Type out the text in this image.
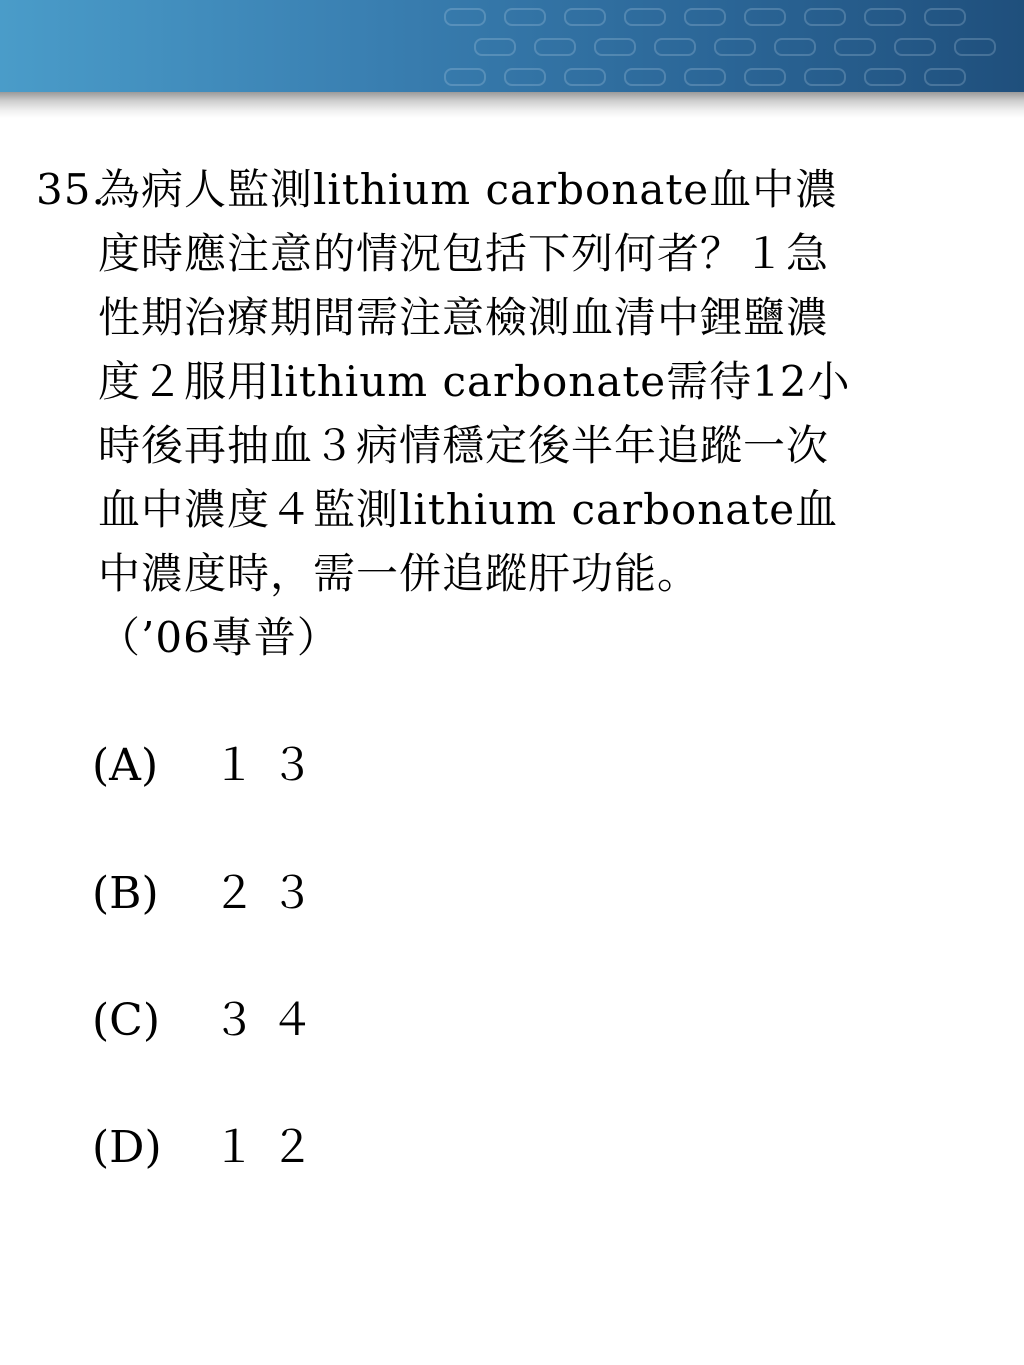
35.
為病人監測lithium carbonate血中濃
度時應注意的情況包括下列何者？１急
性期治療期間需注意檢測血清中鋰鹽濃
度２服用lithium carbonate需待12小
時後再抽血３病情穩定後半年追蹤一次
血中濃度４監測lithium carbonate血
中濃度時，需一併追蹤肝功能。
（’06專普）
(A) １３
(B) ２３
(C) ３４
(D) １２
